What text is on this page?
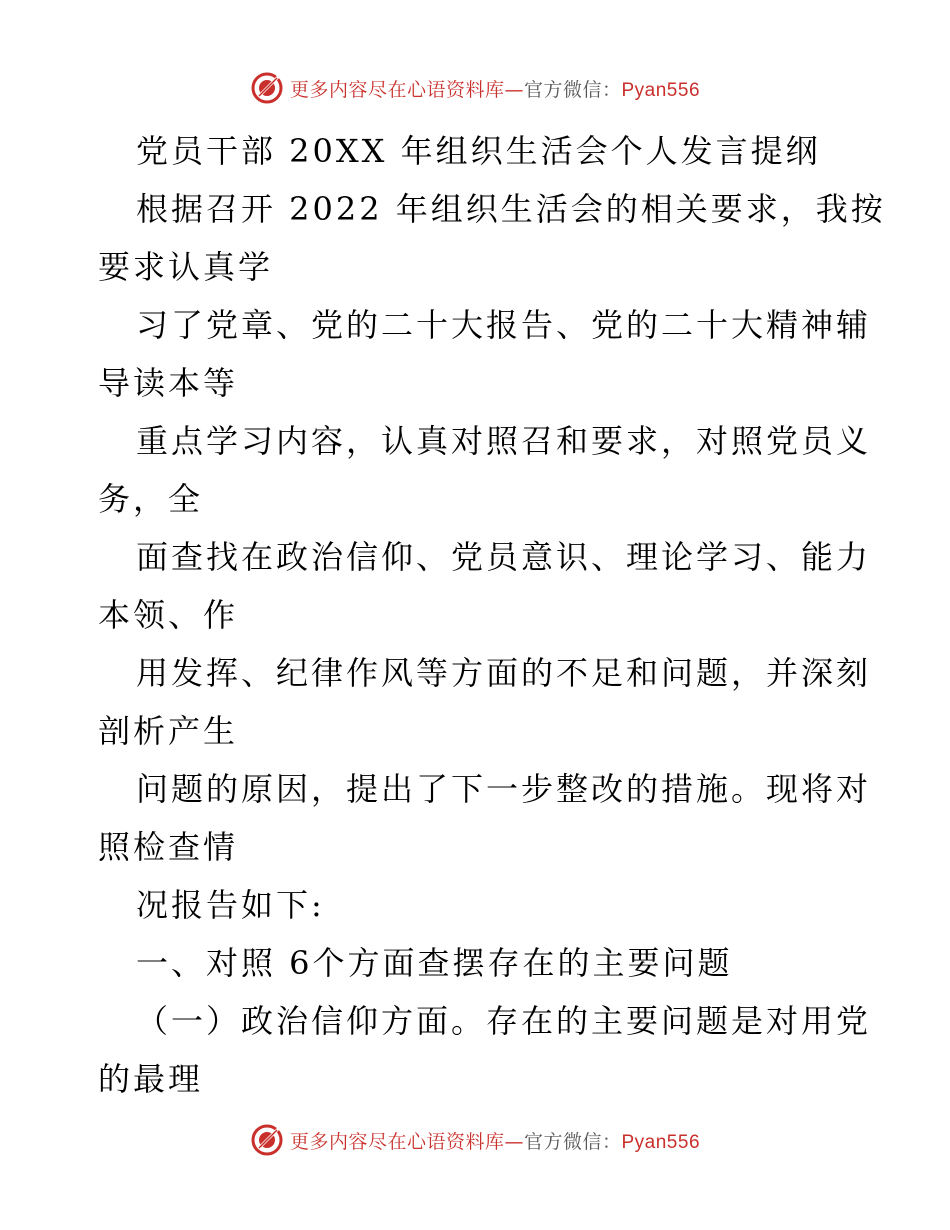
更多内容尽在心语资料库—官方微信：Pyan556
党员干部 20XX 年组织生活会个人发言提纲
根据召开 2022 年组织生活会的相关要求，我按
要求认真学
习了党章、党的二十大报告、党的二十大精神辅
导读本等
重点学习内容，认真对照召和要求，对照党员义
务，全
面查找在政治信仰、党员意识、理论学习、能力
本领、作
用发挥、纪律作风等方面的不足和问题，并深刻
剖析产生
问题的原因，提出了下一步整改的措施。现将对
照检查情
况报告如下:
一、对照 6个方面查摆存在的主要问题
（一）政治信仰方面。存在的主要问题是对用党
的最理
更多内容尽在心语资料库—官方微信：Pyan556
